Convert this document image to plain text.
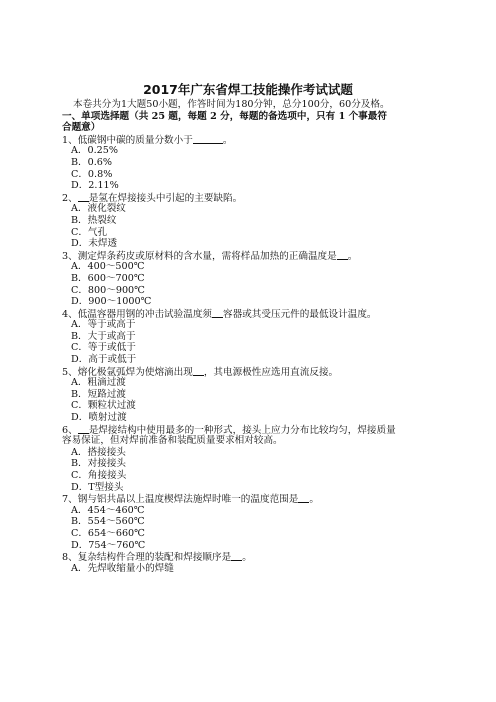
2017年广东省焊工技能操作考试试题
本卷共分为1大题50小题，作答时间为180分钟，总分100分，60分及格。
一、单项选择题（共 25 题，每题 2 分，每题的备选项中，只有 1 个事最符
合题意）
1、低碳钢中碳的质量分数小于	。
A．0.25%
B．0.6%
C．0.8%
D．2.11%
2、 是氢在焊接接头中引起的主要缺陷。
A．液化裂纹
B．热裂纹
C．气孔
D．未焊透
3、测定焊条药皮或原材料的含水量，需将样品加热的正确温度是 。
A．400～500℃
B．600～700℃
C．800～900℃
D．900～1000℃
4、低温容器用钢的冲击试验温度须 容器或其受压元件的最低设计温度。
A．等于或高于
B．大于或高于
C．等于或低于
D．高于或低于
5、熔化极氩弧焊为使熔滴出现 ，其电源极性应选用直流反接。
A．粗滴过渡
B．短路过渡
C．颗粒状过渡
D．喷射过渡
6、 是焊接结构中使用最多的一种形式，接头上应力分布比较均匀，焊接质量
容易保证，但对焊前准备和装配质量要求相对较高。
A．搭接接头
B．对接接头
C．角接接头
D．T型接头
7、钢与铝共晶以上温度楔焊法施焊时唯一的温度范围是 。
A．454～460℃
B．554～560℃
C．654～660℃
D．754～760℃
8、复杂结构件合理的装配和焊接顺序是 。
A．先焊收缩量小的焊缝
